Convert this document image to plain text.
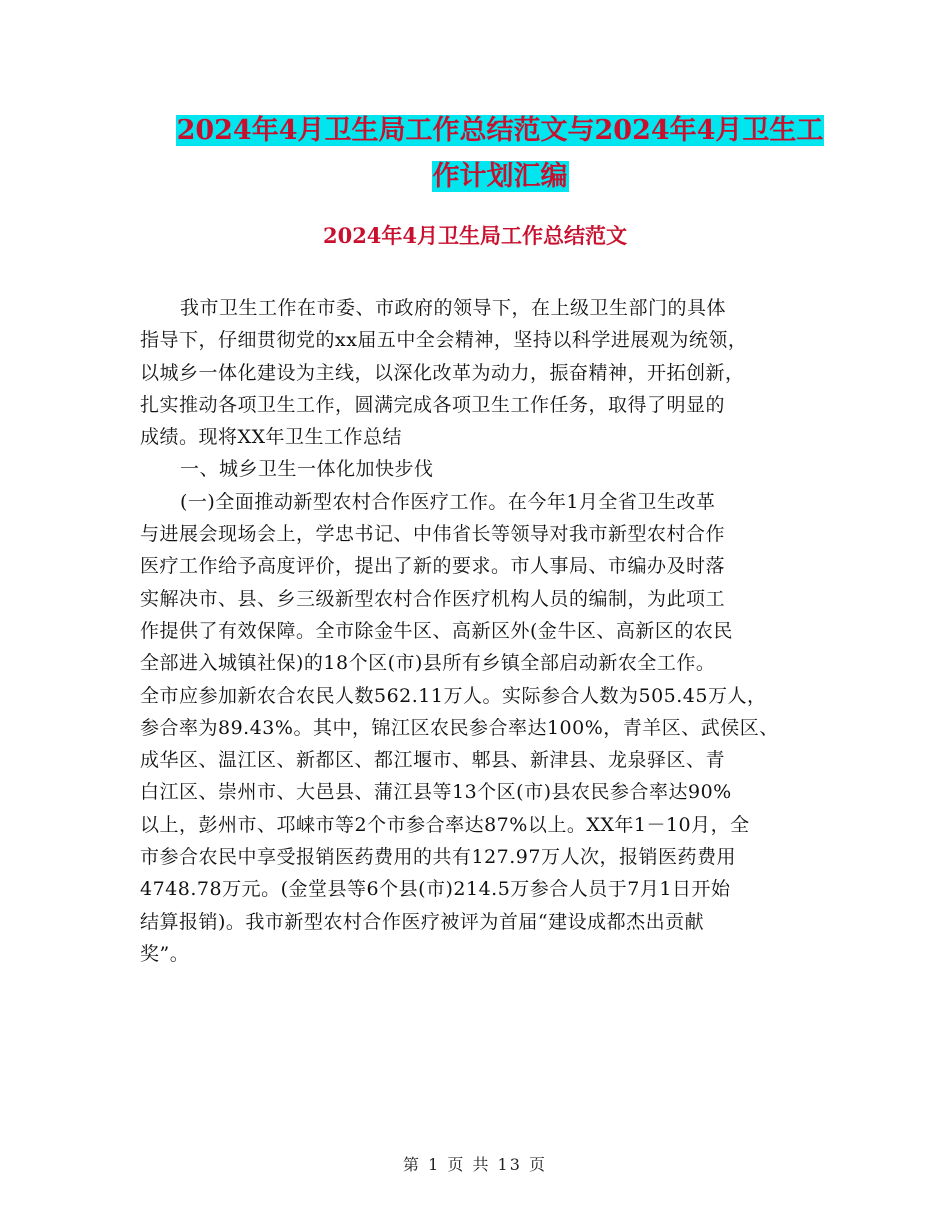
2024年4月卫生局工作总结范文与2024年4月卫生工
作计划汇编
2024年4月卫生局工作总结范文
我市卫生工作在市委、市政府的领导下，在上级卫生部门的具体
指导下，仔细贯彻党的xx届五中全会精神，坚持以科学进展观为统领，
以城乡一体化建设为主线，以深化改革为动力，振奋精神，开拓创新，
扎实推动各项卫生工作，圆满完成各项卫生工作任务，取得了明显的
成绩。现将XX年卫生工作总结
一、城乡卫生一体化加快步伐
(一)全面推动新型农村合作医疗工作。在今年1月全省卫生改革
与进展会现场会上，学忠书记、中伟省长等领导对我市新型农村合作
医疗工作给予高度评价，提出了新的要求。市人事局、市编办及时落
实解决市、县、乡三级新型农村合作医疗机构人员的编制，为此项工
作提供了有效保障。全市除金牛区、高新区外(金牛区、高新区的农民
全部进入城镇社保)的18个区(市)县所有乡镇全部启动新农全工作。
全市应参加新农合农民人数562.11万人。实际参合人数为505.45万人，
参合率为89.43%。其中，锦江区农民参合率达100%，青羊区、武侯区、
成华区、温江区、新都区、都江堰市、郫县、新津县、龙泉驿区、青
白江区、崇州市、大邑县、蒲江县等13个区(市)县农民参合率达90%
以上，彭州市、邛崃市等2个市参合率达87%以上。XX年1－10月，全
市参合农民中享受报销医药费用的共有127.97万人次，报销医药费用
4748.78万元。(金堂县等6个县(市)214.5万参合人员于7月1日开始
结算报销)。我市新型农村合作医疗被评为首届“建设成都杰出贡献
奖”。
第 1 页 共 13 页
